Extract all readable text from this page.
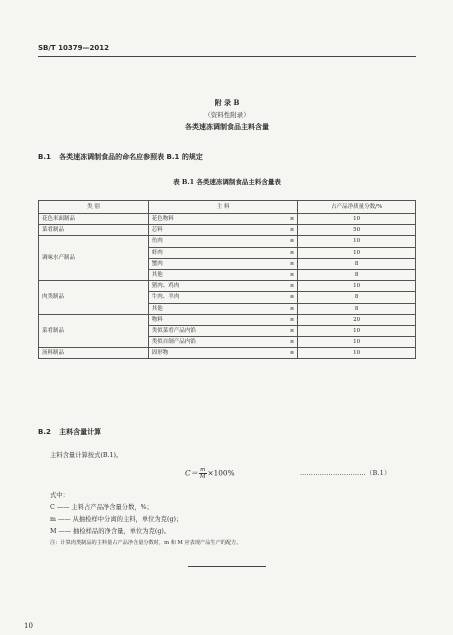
SB/T 10379—2012
附 录 B
（资料性附录）
各类速冻调制食品主料含量
B.1 各类速冻调制食品的命名应参照表 B.1 的规定
表 B.1 各类速冻调制食品主料含量表
类 别	主 料		占产品净质量分数/%
花色米面制品	花色物料	≥	10
菜肴制品	芯料	≥	50
调味水产制品	鱼肉	≥	10
	虾肉	≥	10
	蟹肉	≥	8
	其他	≥	8
肉类制品	猪肉、鸡肉	≥	10
	牛肉、羊肉	≥	8
	其他	≥	8
菜肴制品	物料	≥	20
	类似菜肴产品内馅	≥	10
	类似自制产品内馅	≥	10
汤料制品	固形物	≥	10
B.2 主料含量计算
主料含量计算按式(B.1)。
$C= \frac{m}{M} \times 100\%$	…………………………（B.1）
式中：
C —— 主料占产品净含量分数，%；
m —— 从抽检样中分离的主料，单位为克(g)；
M —— 抽检样品的净含量，单位为克(g)。
注：计算肉类制品的主料量占产品净含量分数时，m 和 M 应表现产品生产的配方。
10
